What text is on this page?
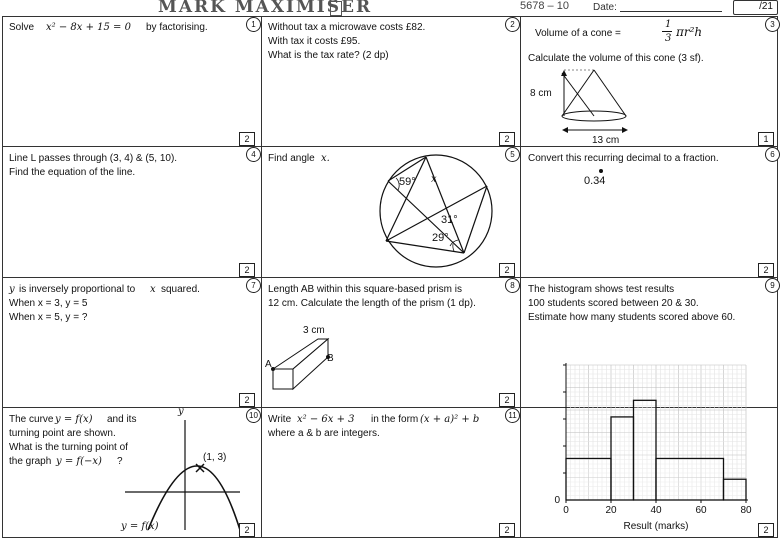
MARK MAXIMISER	5678 – 10 Date:	/21
Solve x² − 8x + 15 = 0 by factorising.	1
2
Without tax a microwave costs £82.
With tax it costs £95.
What is the tax rate? (2 dp)
2
2
Volume of a cone =
1
3 πr²h
Calculate the volume of this cone (3 sf).
8 cm
13 cm
3
1
Line L passes through (3, 4) & (5, 10).
Find the equation of the line.
4
2
Find angle x.
59° x
31°
29°
5
2
Convert this recurring decimal to a fraction.
0.34
6
2
y is inversely proportional to x squared.
When x = 3, y = 5
When x = 5, y = ?
7
2
Length AB within this square-based prism is
12 cm. Calculate the length of the prism (1 dp).
3 cm
A
B
8
2
The histogram shows test results
100 students scored between 20 & 30.
Estimate how many students scored above 60.
0	20	40	60	80
0
Result (marks)
9
2
The curve y = f(x) and its
turning point are shown.
What is the turning point of
the graph y = f(−x) ?
y
(1, 3)
y = f(x)
10
2
Write x² − 6x + 3 in the form (x + a)² + b
where a & b are integers.
11
2
